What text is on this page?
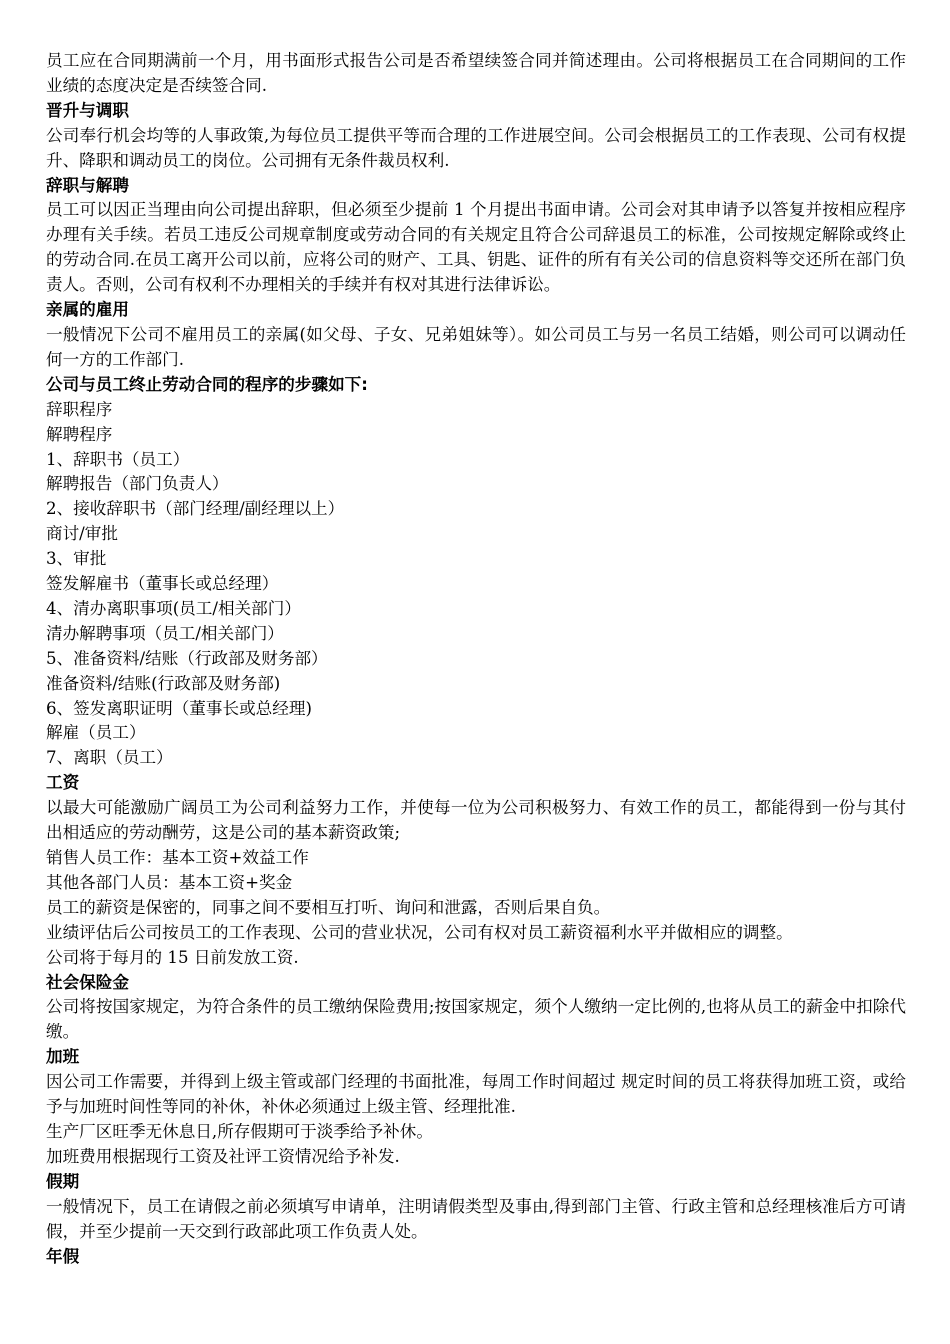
员工应在合同期满前一个月，用书面形式报告公司是否希望续签合同并简述理由。公司将根据员工在合同期间的工作业绩的态度决定是否续签合同.
晋升与调职
公司奉行机会均等的人事政策,为每位员工提供平等而合理的工作进展空间。公司会根据员工的工作表现、公司有权提升、降职和调动员工的岗位。公司拥有无条件裁员权利.
辞职与解聘
员工可以因正当理由向公司提出辞职，但必须至少提前 1 个月提出书面申请。公司会对其申请予以答复并按相应程序办理有关手续。若员工违反公司规章制度或劳动合同的有关规定且符合公司辞退员工的标准，公司按规定解除或终止的劳动合同.在员工离开公司以前，应将公司的财产、工具、钥匙、证件的所有有关公司的信息资料等交还所在部门负责人。否则，公司有权利不办理相关的手续并有权对其进行法律诉讼。
亲属的雇用
一般情况下公司不雇用员工的亲属(如父母、子女、兄弟姐妹等）。如公司员工与另一名员工结婚，则公司可以调动任何一方的工作部门.
公司与员工终止劳动合同的程序的步骤如下:
辞职程序
解聘程序
1、辞职书（员工）
解聘报告（部门负责人）
2、接收辞职书（部门经理/副经理以上）
商讨/审批
3、审批
签发解雇书（董事长或总经理）
4、清办离职事项(员工/相关部门）
清办解聘事项（员工/相关部门）
5、准备资料/结账（行政部及财务部）
准备资料/结账(行政部及财务部)
6、签发离职证明（董事长或总经理)
解雇（员工）
7、离职（员工）
工资
以最大可能激励广阔员工为公司利益努力工作，并使每一位为公司积极努力、有效工作的员工，都能得到一份与其付出相适应的劳动酬劳，这是公司的基本薪资政策;
销售人员工作：基本工资+效益工作
其他各部门人员：基本工资+奖金
员工的薪资是保密的，同事之间不要相互打听、询问和泄露，否则后果自负。
业绩评估后公司按员工的工作表现、公司的营业状况，公司有权对员工薪资福利水平并做相应的调整。
公司将于每月的 15 日前发放工资.
社会保险金
公司将按国家规定，为符合条件的员工缴纳保险费用;按国家规定，须个人缴纳一定比例的,也将从员工的薪金中扣除代缴。
加班
因公司工作需要，并得到上级主管或部门经理的书面批准，每周工作时间超过 规定时间的员工将获得加班工资，或给予与加班时间性等同的补休，补休必须通过上级主管、经理批准.
生产厂区旺季无休息日,所存假期可于淡季给予补休。
加班费用根据现行工资及社评工资情况给予补发.
假期
一般情况下，员工在请假之前必须填写申请单，注明请假类型及事由,得到部门主管、行政主管和总经理核准后方可请假，并至少提前一天交到行政部此项工作负责人处。
年假
